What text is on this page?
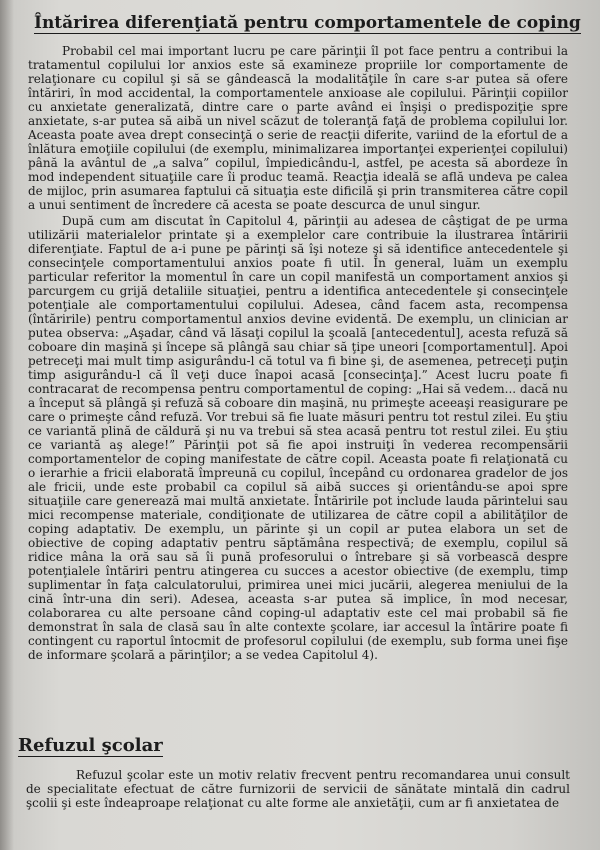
Întărirea diferenţiată pentru comportamentele de coping

Probabil cel mai important lucru pe care părinţii îl pot face pentru a contribui la tratamentul copilului lor anxios este să examineze propriile lor comportamente de relaţionare cu copilul şi să se gândească la modalităţile în care s-ar putea să ofere întăriri, în mod accidental, la comportamentele anxioase ale copilului. Părinţii copiilor cu anxietate generalizată, dintre care o parte având ei înşişi o predispoziţie spre anxietate, s-ar putea să aibă un nivel scăzut de toleranţă faţă de problema copilului lor. Aceasta poate avea drept consecinţă o serie de reacţii diferite, variind de la efortul de a înlătura emoţiile copilului (de exemplu, minimalizarea importanţei experienţei copilului) până la avântul de „a salva” copilul, împiedicându-l, astfel, pe acesta să abordeze în mod independent situaţiile care îi produc teamă. Reacţia ideală se află undeva pe calea de mijloc, prin asumarea faptului că situaţia este dificilă şi prin transmiterea către copil a unui sentiment de încredere că acesta se poate descurca de unul singur.

După cum am discutat în Capitolul 4, părinţii au adesea de câştigat de pe urma utilizării materialelor printate şi a exemplelor care contribuie la ilustrarea întăririi diferenţiate. Faptul de a-i pune pe părinţi să îşi noteze şi să identifice antecedentele şi consecinţele comportamentului anxios poate fi util. În general, luăm un exemplu particular referitor la momentul în care un copil manifestă un comportament anxios şi parcurgem cu grijă detaliile situaţiei, pentru a identifica antecedentele şi consecinţele potenţiale ale comportamentului copilului. Adesea, când facem asta, recompensa (întăririle) pentru comportamentul anxios devine evidentă. De exemplu, un clinician ar putea observa: „Aşadar, când vă lăsaţi copilul la şcoală [antecedentul], acesta refuză să coboare din maşină şi începe să plângă sau chiar să ţipe uneori [comportamentul]. Apoi petreceţi mai mult timp asigurându-l că totul va fi bine şi, de asemenea, petreceţi puţin timp asigurându-l că îl veţi duce înapoi acasă [consecinţa].” Acest lucru poate fi contracarat de recompensa pentru comportamentul de coping: „Hai să vedem... dacă nu a început să plângă şi refuză să coboare din maşină, nu primeşte aceeaşi reasigurare pe care o primeşte când refuză. Vor trebui să fie luate măsuri pentru tot restul zilei. Eu ştiu ce variantă plină de căldură şi nu va trebui să stea acasă pentru tot restul zilei. Eu ştiu ce variantă aş alege!” Părinţii pot să fie apoi instruiţi în vederea recompensării comportamentelor de coping manifestate de către copil. Aceasta poate fi relaţionată cu o ierarhie a fricii elaborată împreună cu copilul, începând cu ordonarea gradelor de jos ale fricii, unde este probabil ca copilul să aibă succes şi orientându-se apoi spre situaţiile care generează mai multă anxietate. Întăririle pot include lauda părintelui sau mici recompense materiale, condiţionate de utilizarea de către copil a abilităţilor de coping adaptativ. De exemplu, un părinte şi un copil ar putea elabora un set de obiective de coping adaptativ pentru săptămâna respectivă; de exemplu, copilul să ridice mâna la oră sau să îi pună profesorului o întrebare şi să vorbească despre potenţialele întăriri pentru atingerea cu succes a acestor obiective (de exemplu, timp suplimentar în faţa calculatorului, primirea unei mici jucării, alegerea meniului de la cină într-una din seri). Adesea, aceasta s-ar putea să implice, în mod necesar, colaborarea cu alte persoane când coping-ul adaptativ este cel mai probabil să fie demonstrat în sala de clasă sau în alte contexte şcolare, iar accesul la întărire poate fi contingent cu raportul întocmit de profesorul copilului (de exemplu, sub forma unei fişe de informare şcolară a părinţilor; a se vedea Capitolul 4).

Refuzul şcolar

Refuzul şcolar este un motiv relativ frecvent pentru recomandarea unui consult de specialitate efectuat de către furnizorii de servicii de sănătate mintală din cadrul şcolii şi este îndeaproape relaţionat cu alte forme ale anxietăţii, cum ar fi anxietatea de
